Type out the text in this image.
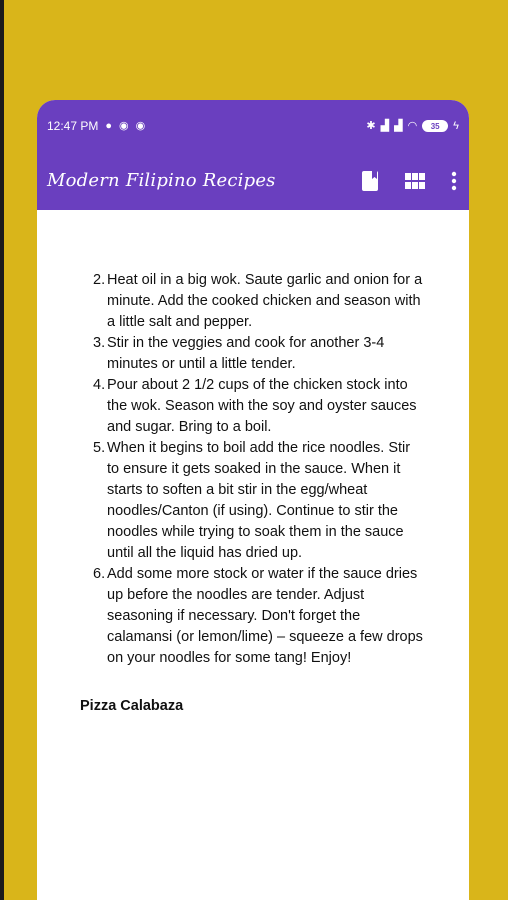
12:47 PM ● ◉ ◉	✱ ▟ ▟ ◠	35	ϟ
Modern Filipino Recipes
2. Heat oil in a big wok. Saute garlic and onion for a minute. Add the cooked chicken and season with a little salt and pepper.
3. Stir in the veggies and cook for another 3-4 minutes or until a little tender.
4. Pour about 2 1/2 cups of the chicken stock into the wok. Season with the soy and oyster sauces and sugar. Bring to a boil.
5. When it begins to boil add the rice noodles. Stir to ensure it gets soaked in the sauce. When it starts to soften a bit stir in the egg/wheat noodles/Canton (if using). Continue to stir the noodles while trying to soak them in the sauce until all the liquid has dried up.
6. Add some more stock or water if the sauce dries up before the noodles are tender. Adjust seasoning if necessary. Don't forget the calamansi (or lemon/lime) – squeeze a few drops on your noodles for some tang! Enjoy!
Pizza Calabaza
